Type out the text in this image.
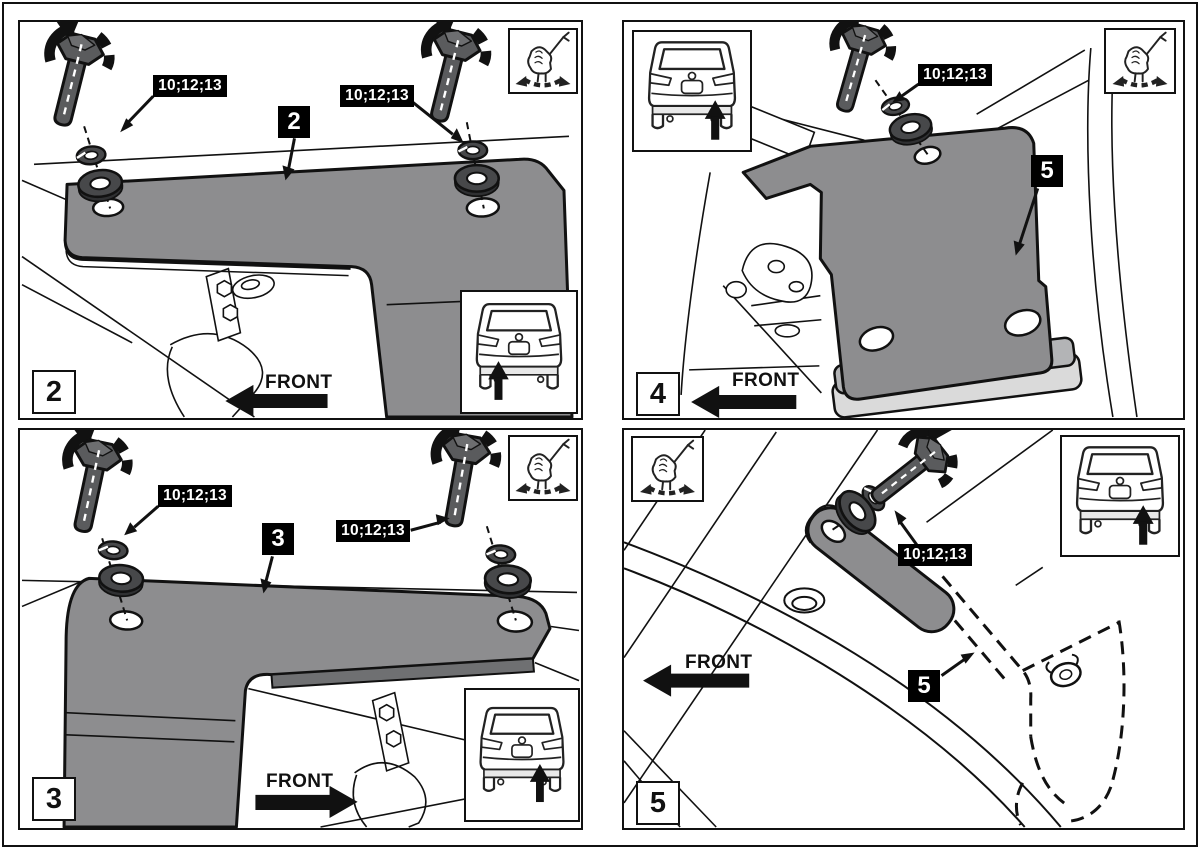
10;12;13
10;12;13
2
FRONT
2
10;12;13
10;12;13
3
FRONT
3
10;12;13
5
FRONT
4
10;12;13
5
FRONT
5
